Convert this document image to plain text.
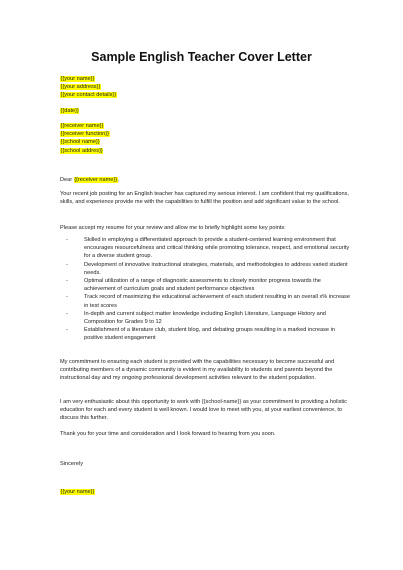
Sample English Teacher Cover Letter

{{your name}}

{{your address}}

{{your contact details}}

{{date}}

{{receiver name}}

{{receiver function}}

{{school name}}

{{school addres}}

Dear {{receiver name}},

Your recent job posting for an English teacher has captured my serious interest. I am confident that my qualifications, skills, and experience provide me with the capabilities to fulfill the position and add significant value to the school.

Please accept my resume for your review and allow me to briefly highlight some key points:

- Skilled in employing a differentiated approach to provide a student-centered learning environment that encourages resourcefulness and critical thinking while promoting tolerance, respect, and emotional security for a diverse student group.
- Development of innovative instructional strategies, materials, and methodologies to address varied student needs.
- Optimal utilization of a range of diagnostic assessments to closely monitor progress towards the achievement of curriculum goals and student performance objectives
- Track record of maximizing the educational achievement of each student resulting in an overall x% increase in test scores
- In-depth and current subject matter knowledge including English Literature, Language History and Composition for Grades 9 to 12
- Establishment of a literature club, student blog, and debating groups resulting in a marked increase in positive student engagement

My commitment to ensuring each student is provided with the capabilities necessary to become successful and contributing members of a dynamic community is evident in my availability to students and parents beyond the instructional day and my ongoing professional development activities relevant to the student population.

I am very enthusiastic about this opportunity to work with {{school-name}} as your commitment to providing a holistic education for each and every student is well known. I would love to meet with you, at your earliest convenience, to discuss this further.

Thank you for your time and consideration and I look forward to hearing from you soon.

Sincerely

{{your name}}
